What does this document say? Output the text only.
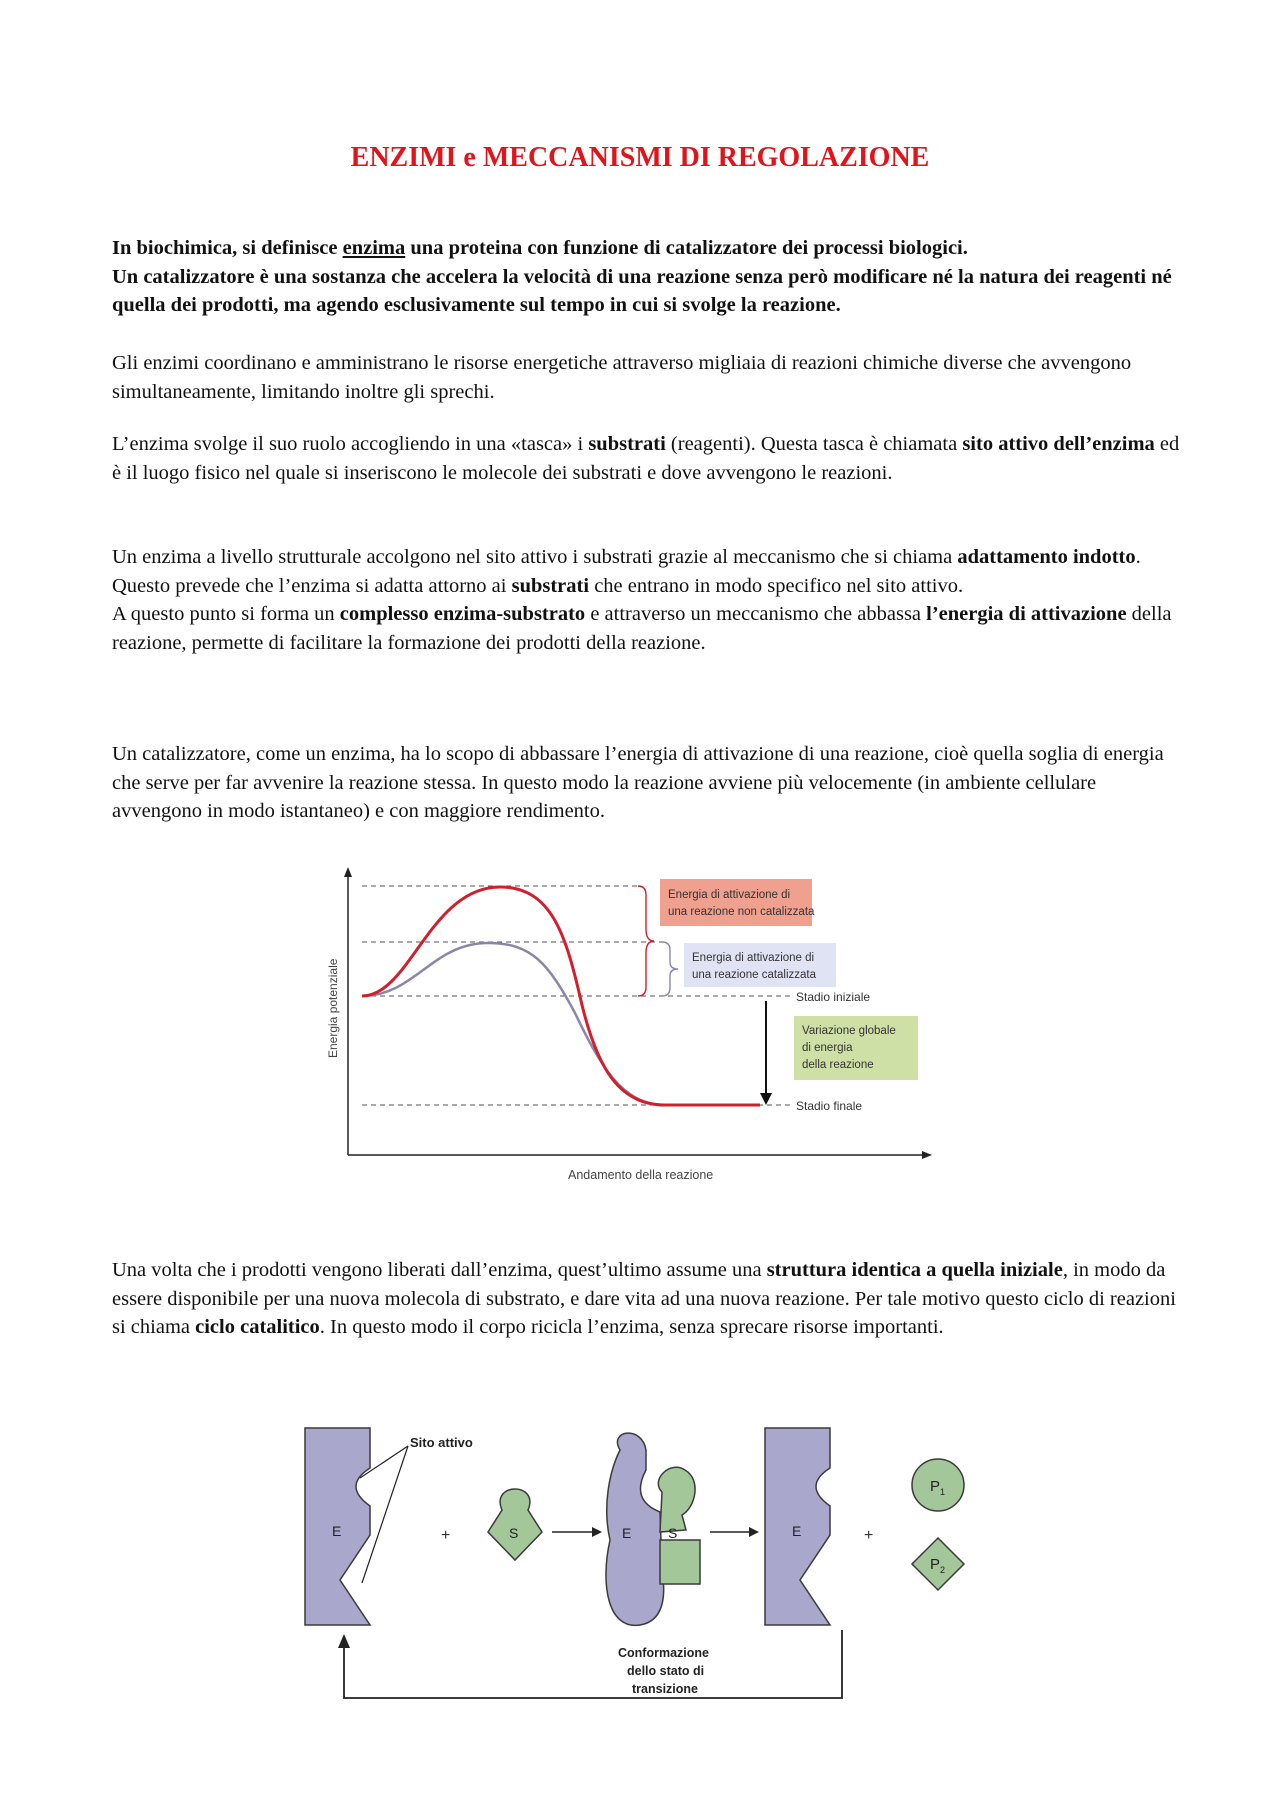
ENZIMI e MECCANISMI DI REGOLAZIONE

In biochimica, si definisce enzima una proteina con funzione di catalizzatore dei processi biologici.
Un catalizzatore è una sostanza che accelera la velocità di una reazione senza però modificare né la natura dei reagenti né quella dei prodotti, ma agendo esclusivamente sul tempo in cui si svolge la reazione.

Gli enzimi coordinano e amministrano le risorse energetiche attraverso migliaia di reazioni chimiche diverse che avvengono simultaneamente, limitando inoltre gli sprechi.

L’enzima svolge il suo ruolo accogliendo in una «tasca» i substrati (reagenti). Questa tasca è chiamata sito attivo dell’enzima ed è il luogo fisico nel quale si inseriscono le molecole dei substrati e dove avvengono le reazioni.

Un enzima a livello strutturale accolgono nel sito attivo i substrati grazie al meccanismo che si chiama adattamento indotto. Questo prevede che l’enzima si adatta attorno ai substrati che entrano in modo specifico nel sito attivo.
A questo punto si forma un complesso enzima-substrato e attraverso un meccanismo che abbassa l’energia di attivazione della reazione, permette di facilitare la formazione dei prodotti della reazione.

Un catalizzatore, come un enzima, ha lo scopo di abbassare l’energia di attivazione di una reazione, cioè quella soglia di energia che serve per far avvenire la reazione stessa. In questo modo la reazione avviene più velocemente (in ambiente cellulare avvengono in modo istantaneo) e con maggiore rendimento.

Energia potenziale
Andamento della reazione
Energia di attivazione di
una reazione non catalizzata
Energia di attivazione di
una reazione catalizzata
Variazione globale
di energia
della reazione
Stadio iniziale
Stadio finale

Una volta che i prodotti vengono liberati dall’enzima, quest’ultimo assume una struttura identica a quella iniziale, in modo da essere disponibile per una nuova molecola di substrato, e dare vita ad una nuova reazione. Per tale motivo questo ciclo di reazioni si chiama ciclo catalitico. In questo modo il corpo ricicla l’enzima, senza sprecare risorse importanti.

E
Sito attivo
+	S	E	S
Conformazione
dello stato di
transizione
E	+
$P_1$
$P_2$
